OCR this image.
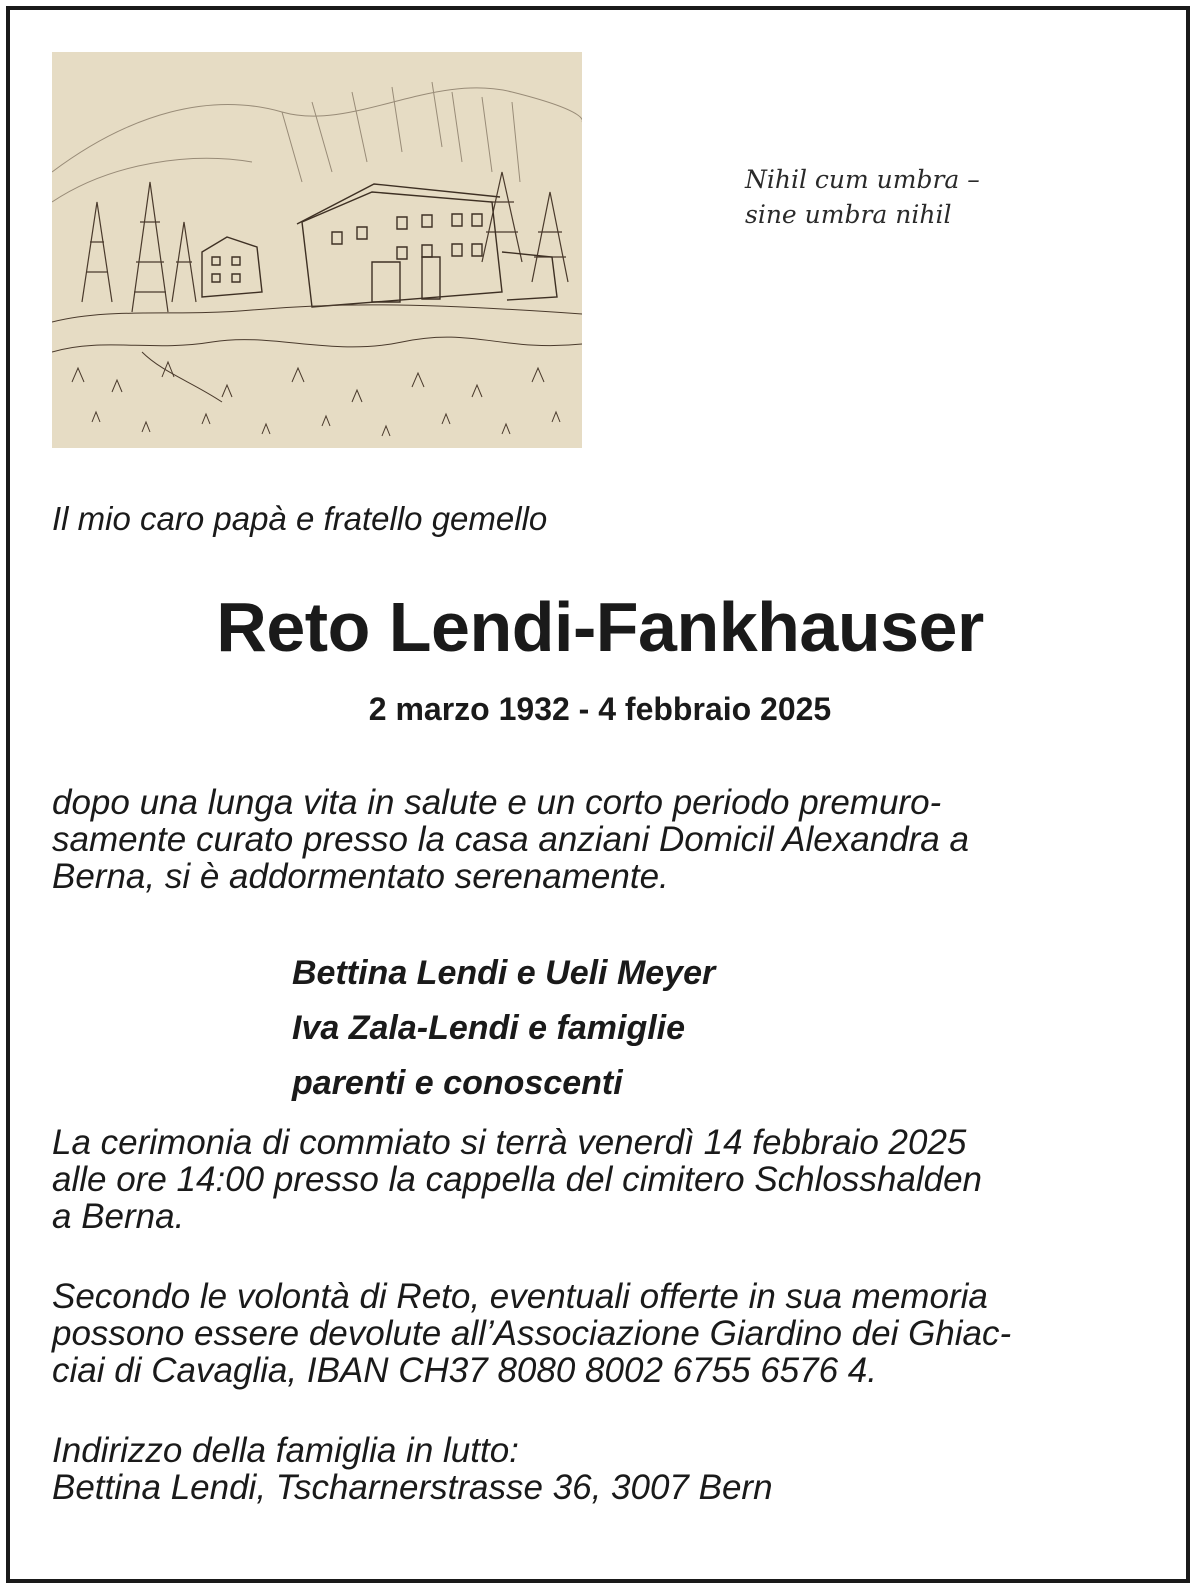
Nihil cum umbra –
sine umbra nihil
Il mio caro papà e fratello gemello
Reto Lendi-Fankhauser
2 marzo 1932 - 4 febbraio 2025
dopo una lunga vita in salute e un corto periodo premuro-
samente curato presso la casa anziani Domicil Alexandra a
Berna, si è addormentato serenamente.
Bettina Lendi e Ueli Meyer
Iva Zala-Lendi e famiglie
parenti e conoscenti
La cerimonia di commiato si terrà venerdì 14 febbraio 2025
alle ore 14:00 presso la cappella del cimitero Schlosshalden
a Berna.
Secondo le volontà di Reto, eventuali offerte in sua memoria
possono essere devolute all’Associazione Giardino dei Ghiac-
ciai di Cavaglia, IBAN CH37 8080 8002 6755 6576 4.
Indirizzo della famiglia in lutto:
Bettina Lendi, Tscharnerstrasse 36, 3007 Bern
